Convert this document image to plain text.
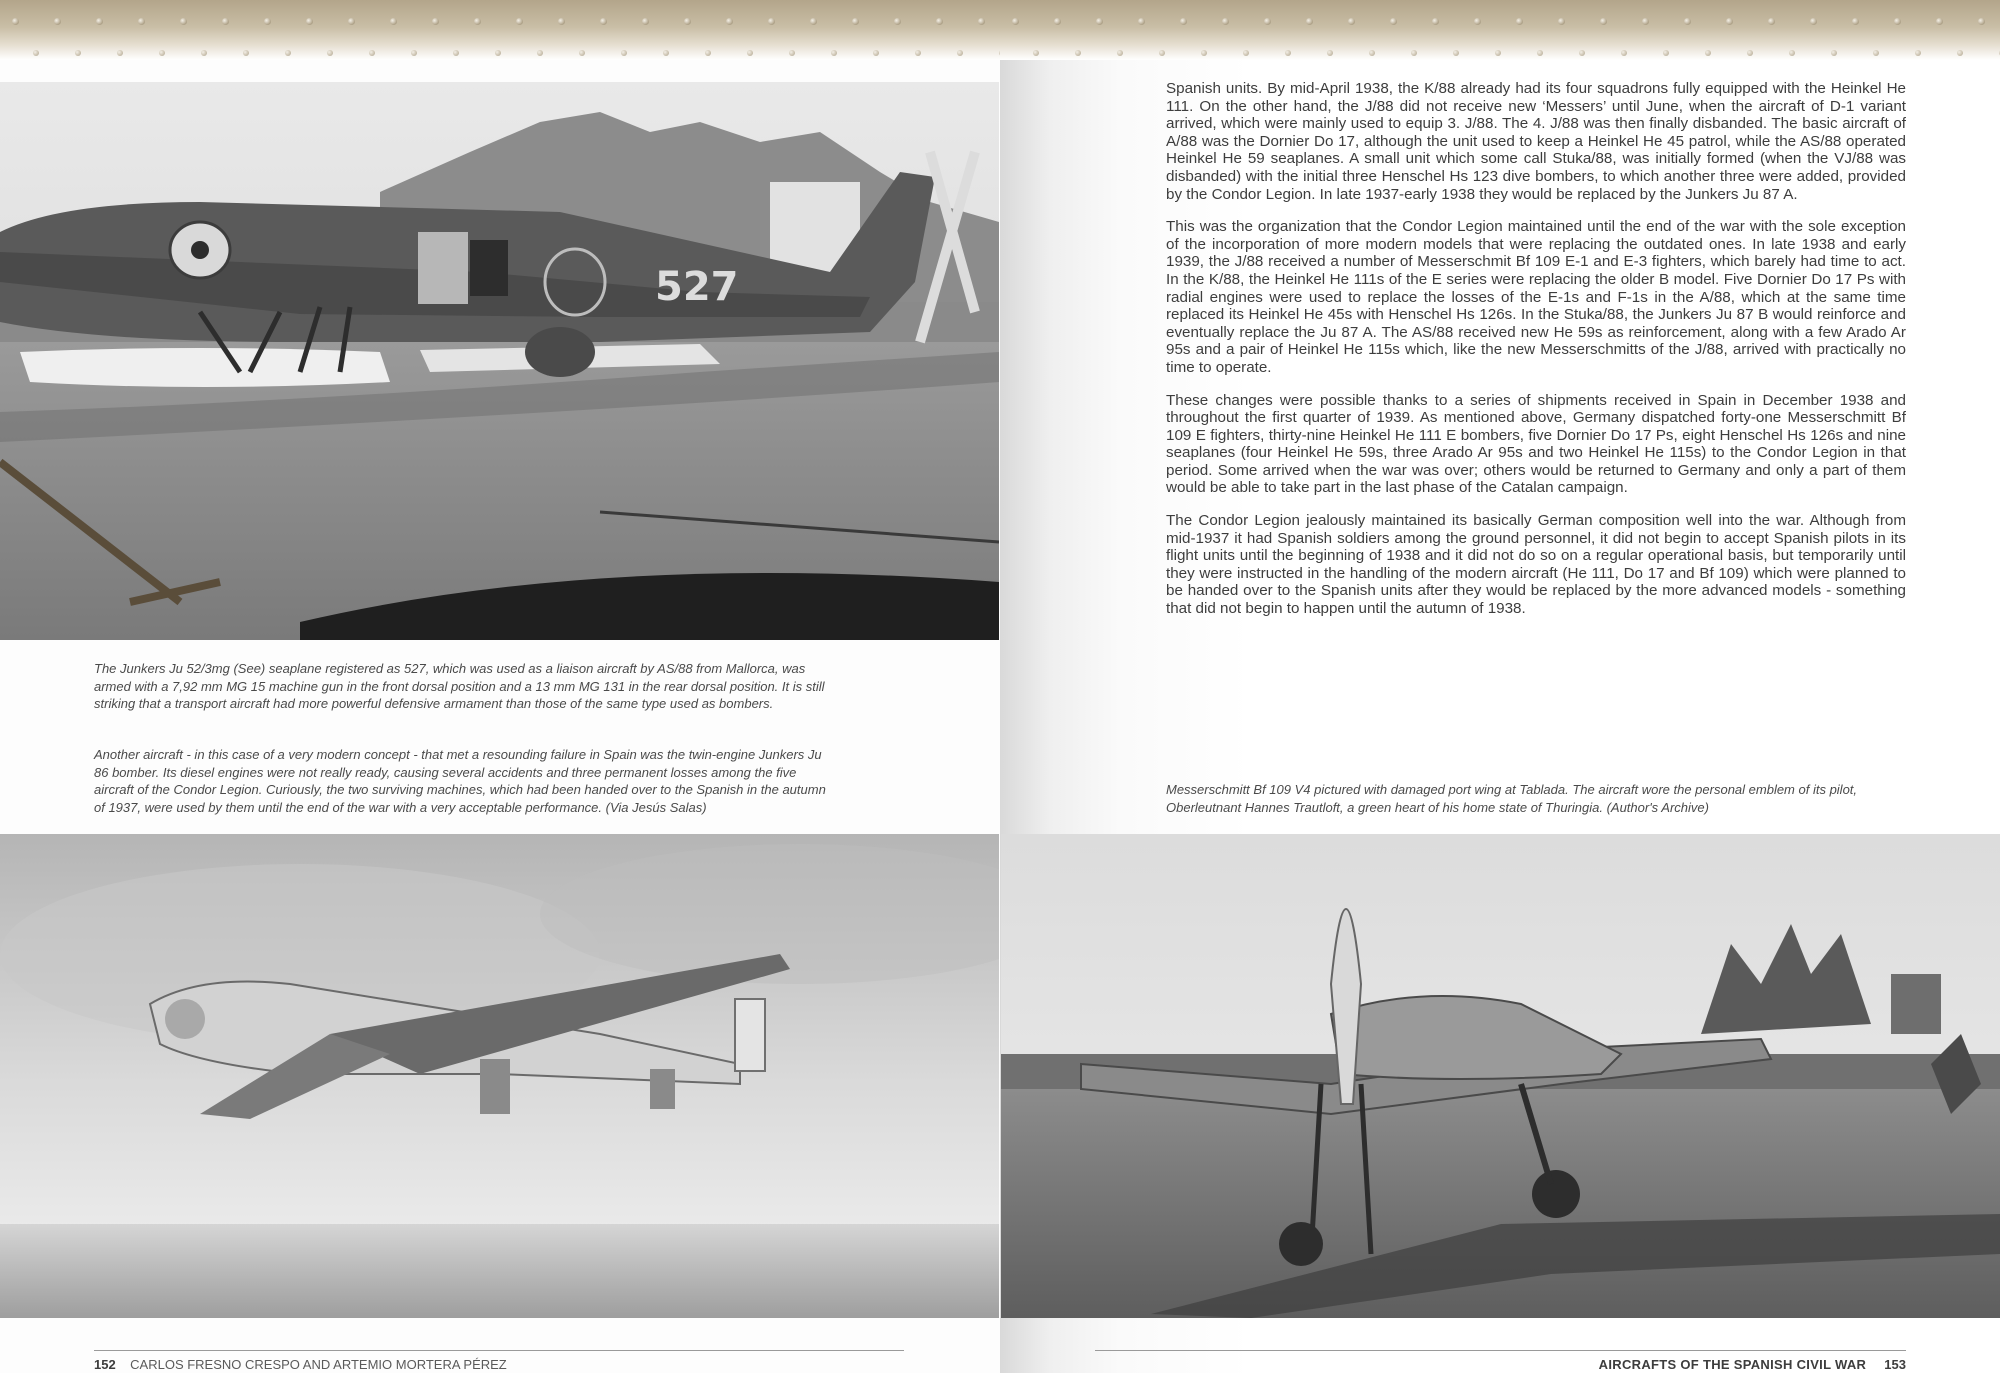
527

The Junkers Ju 52/3mg (See) seaplane registered as 527, which was used as a liaison aircraft by AS/88 from Mallorca, was armed with a 7,92 mm MG 15 machine gun in the front dorsal position and a 13 mm MG 131 in the rear dorsal position. It is still striking that a transport aircraft had more powerful defensive armament than those of the same type used as bombers.

Another aircraft - in this case of a very modern concept - that met a resounding failure in Spain was the twin-engine Junkers Ju 86 bomber. Its diesel engines were not really ready, causing several accidents and three permanent losses among the five aircraft of the Condor Legion. Curiously, the two surviving machines, which had been handed over to the Spanish in the autumn of 1937, were used by them until the end of the war with a very acceptable performance. (Via Jesús Salas)

152 CARLOS FRESNO CRESPO AND ARTEMIO MORTERA PÉREZ

Spanish units. By mid-April 1938, the K/88 already had its four squadrons fully equipped with the Heinkel He 111. On the other hand, the J/88 did not receive new ‘Messers’ until June, when the aircraft of D-1 variant arrived, which were mainly used to equip 3. J/88. The 4. J/88 was then finally disbanded. The basic aircraft of A/88 was the Dornier Do 17, although the unit used to keep a Heinkel He 45 patrol, while the AS/88 operated Heinkel He 59 seaplanes. A small unit which some call Stuka/88, was initially formed (when the VJ/88 was disbanded) with the initial three Henschel Hs 123 dive bombers, to which another three were added, provided by the Condor Legion. In late 1937-early 1938 they would be replaced by the Junkers Ju 87 A.

This was the organization that the Condor Legion maintained until the end of the war with the sole exception of the incorporation of more modern models that were replacing the outdated ones. In late 1938 and early 1939, the J/88 received a number of Messerschmit Bf 109 E-1 and E-3 fighters, which barely had time to act. In the K/88, the Heinkel He 111s of the E series were replacing the older B model. Five Dornier Do 17 Ps with radial engines were used to replace the losses of the E-1s and F-1s in the A/88, which at the same time replaced its Heinkel He 45s with Henschel Hs 126s. In the Stuka/88, the Junkers Ju 87 B would reinforce and eventually replace the Ju 87 A. The AS/88 received new He 59s as reinforcement, along with a few Arado Ar 95s and a pair of Heinkel He 115s which, like the new Messerschmitts of the J/88, arrived with practically no time to operate.

These changes were possible thanks to a series of shipments received in Spain in December 1938 and throughout the first quarter of 1939. As mentioned above, Germany dispatched forty-one Messerschmitt Bf 109 E fighters, thirty-nine Heinkel He 111 E bombers, five Dornier Do 17 Ps, eight Henschel Hs 126s and nine seaplanes (four Heinkel He 59s, three Arado Ar 95s and two Heinkel He 115s) to the Condor Legion in that period. Some arrived when the war was over; others would be returned to Germany and only a part of them would be able to take part in the last phase of the Catalan campaign.

The Condor Legion jealously maintained its basically German composition well into the war. Although from mid-1937 it had Spanish soldiers among the ground personnel, it did not begin to accept Spanish pilots in its flight units until the beginning of 1938 and it did not do so on a regular operational basis, but temporarily until they were instructed in the handling of the modern aircraft (He 111, Do 17 and Bf 109) which were planned to be handed over to the Spanish units after they would be replaced by the more advanced models - something that did not begin to happen until the autumn of 1938.

Messerschmitt Bf 109 V4 pictured with damaged port wing at Tablada. The aircraft wore the personal emblem of its pilot, Oberleutnant Hannes Trautloft, a green heart of his home state of Thuringia. (Author's Archive)

AIRCRAFTS OF THE SPANISH CIVIL WAR 153
